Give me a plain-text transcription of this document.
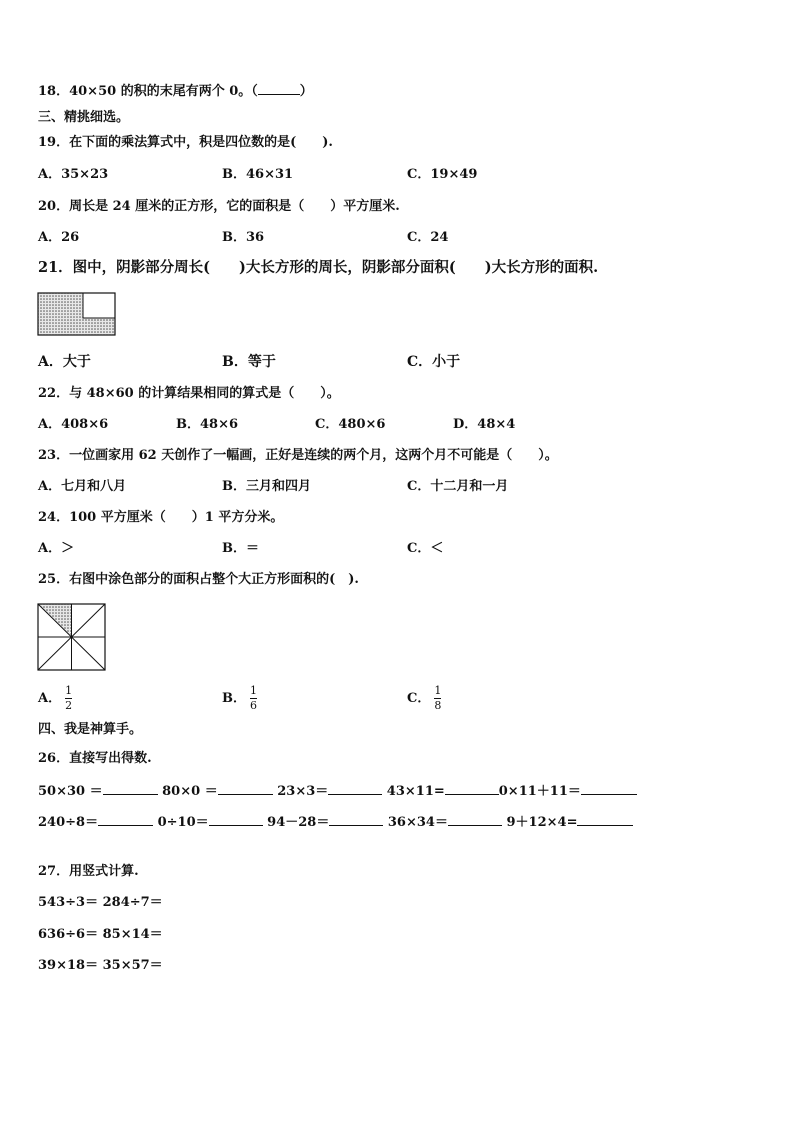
18．40×50 的积的末尾有两个 0。（	）
三、精挑细选。
19．在下面的乘法算式中，积是四位数的是(　　).
A．35×23	B．46×31	C．19×49
20．周长是 24 厘米的正方形，它的面积是（　　）平方厘米.
A．26	B．36	C．24
21．图中，阴影部分周长(　　)大长方形的周长，阴影部分面积(　　)大长方形的面积.
A．大于	B．等于	C．小于
22．与 48×60 的计算结果相同的算式是（　　）。
A．408×6	B．48×6	C．480×6	D．48×4
23．一位画家用 62 天创作了一幅画，正好是连续的两个月，这两个月不可能是（　　）。
A．七月和八月	B．三月和四月	C．十二月和一月
24．100 平方厘米（　　）1 平方分米。
A．＞	B．＝	C．＜
25．右图中涂色部分的面积占整个大正方形面积的(　).
A． $\frac{1}{2}$	B． $\frac{1}{6}$	C． $\frac{1}{8}$
四、我是神算手。
26．直接写出得数.
50×30 ＝	80×0 ＝	23×3＝	43×11=	0×11＋11＝
240÷8＝	0÷10＝	94－28＝	36×34＝	9＋12×4=
27．用竖式计算.
543÷3＝ 284÷7＝
636÷6＝ 85×14＝
39×18＝ 35×57＝
